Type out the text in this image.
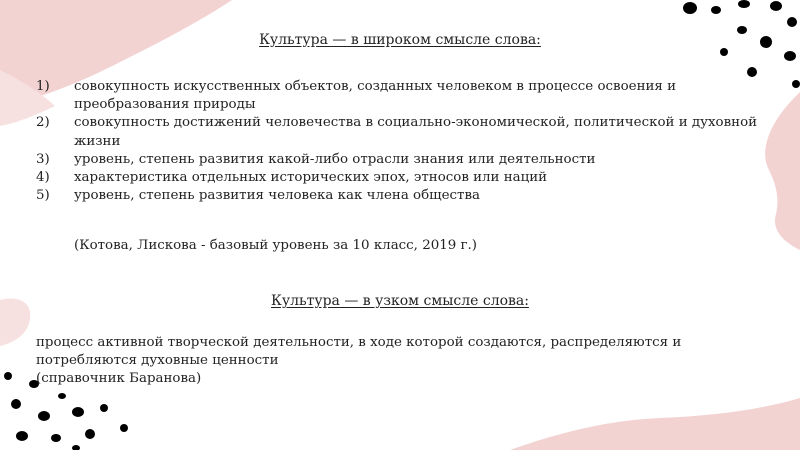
Культура — в широком смысле слова:
1) совокупность искусственных объектов, созданных человеком в процессе освоения и преобразования природы
2) совокупность достижений человечества в социально-экономической, политической и духовной жизни
3) уровень, степень развития какой-либо отрасли знания или деятельности
4) характеристика отдельных исторических эпох, этносов или наций
5) уровень, степень развития человека как члена общества

(Котова, Лискова - базовый уровень за 10 класс, 2019 г.)

Культура — в узком смысле слова:
процесс активной творческой деятельности, в ходе которой создаются, распределяются и потребляются духовные ценности
(справочник Баранова)
